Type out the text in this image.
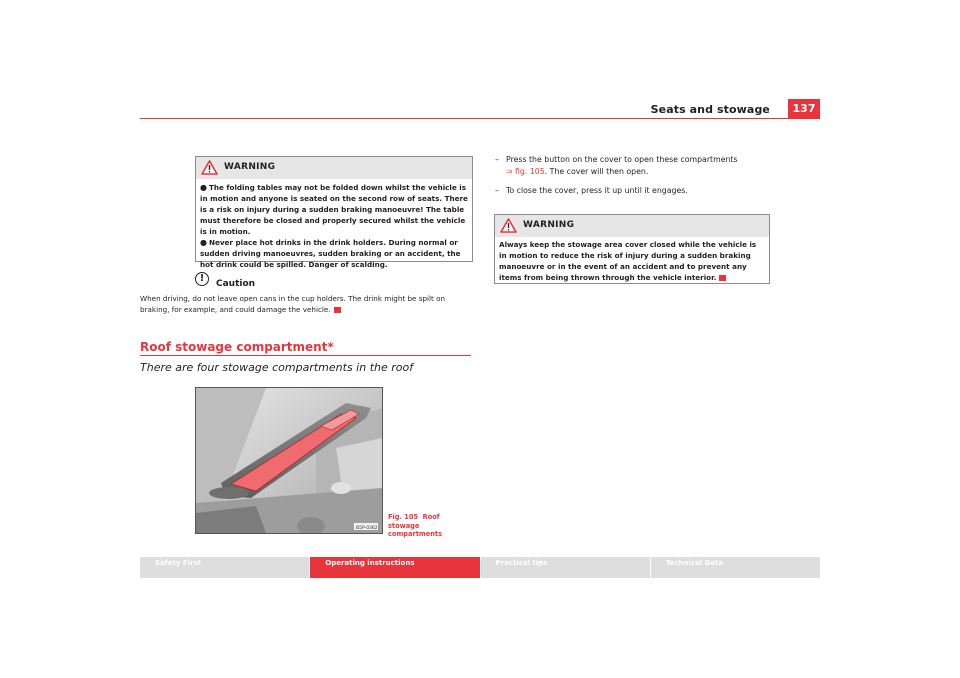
Seats and stowage	137
WARNING
● The folding tables may not be folded down whilst the vehicle is in motion and anyone is seated on the second row of seats. There is a risk on injury during a sudden braking manoeuvre! The table must therefore be closed and properly secured whilst the vehicle is in motion.
● Never place hot drinks in the drink holders. During normal or sudden driving manoeuvres, sudden braking or an accident, the hot drink could be spilled. Danger of scalding.
!	Caution
When driving, do not leave open cans in the cup holders. The drink might be spilt on braking, for example, and could damage the vehicle.
Roof stowage compartment*
There are four stowage compartments in the roof
B5P-0362
Fig. 105 Roof stowage compartments
– Press the button on the cover to open these compartments
⇒ fig. 105. The cover will then open.
– To close the cover, press it up until it engages.
WARNING
Always keep the stowage area cover closed while the vehicle is in motion to reduce the risk of injury during a sudden braking manoeuvre or in the event of an accident and to prevent any items from being thrown through the vehicle interior.
Safety First	Operating instructions	Practical tips	Technical Data
